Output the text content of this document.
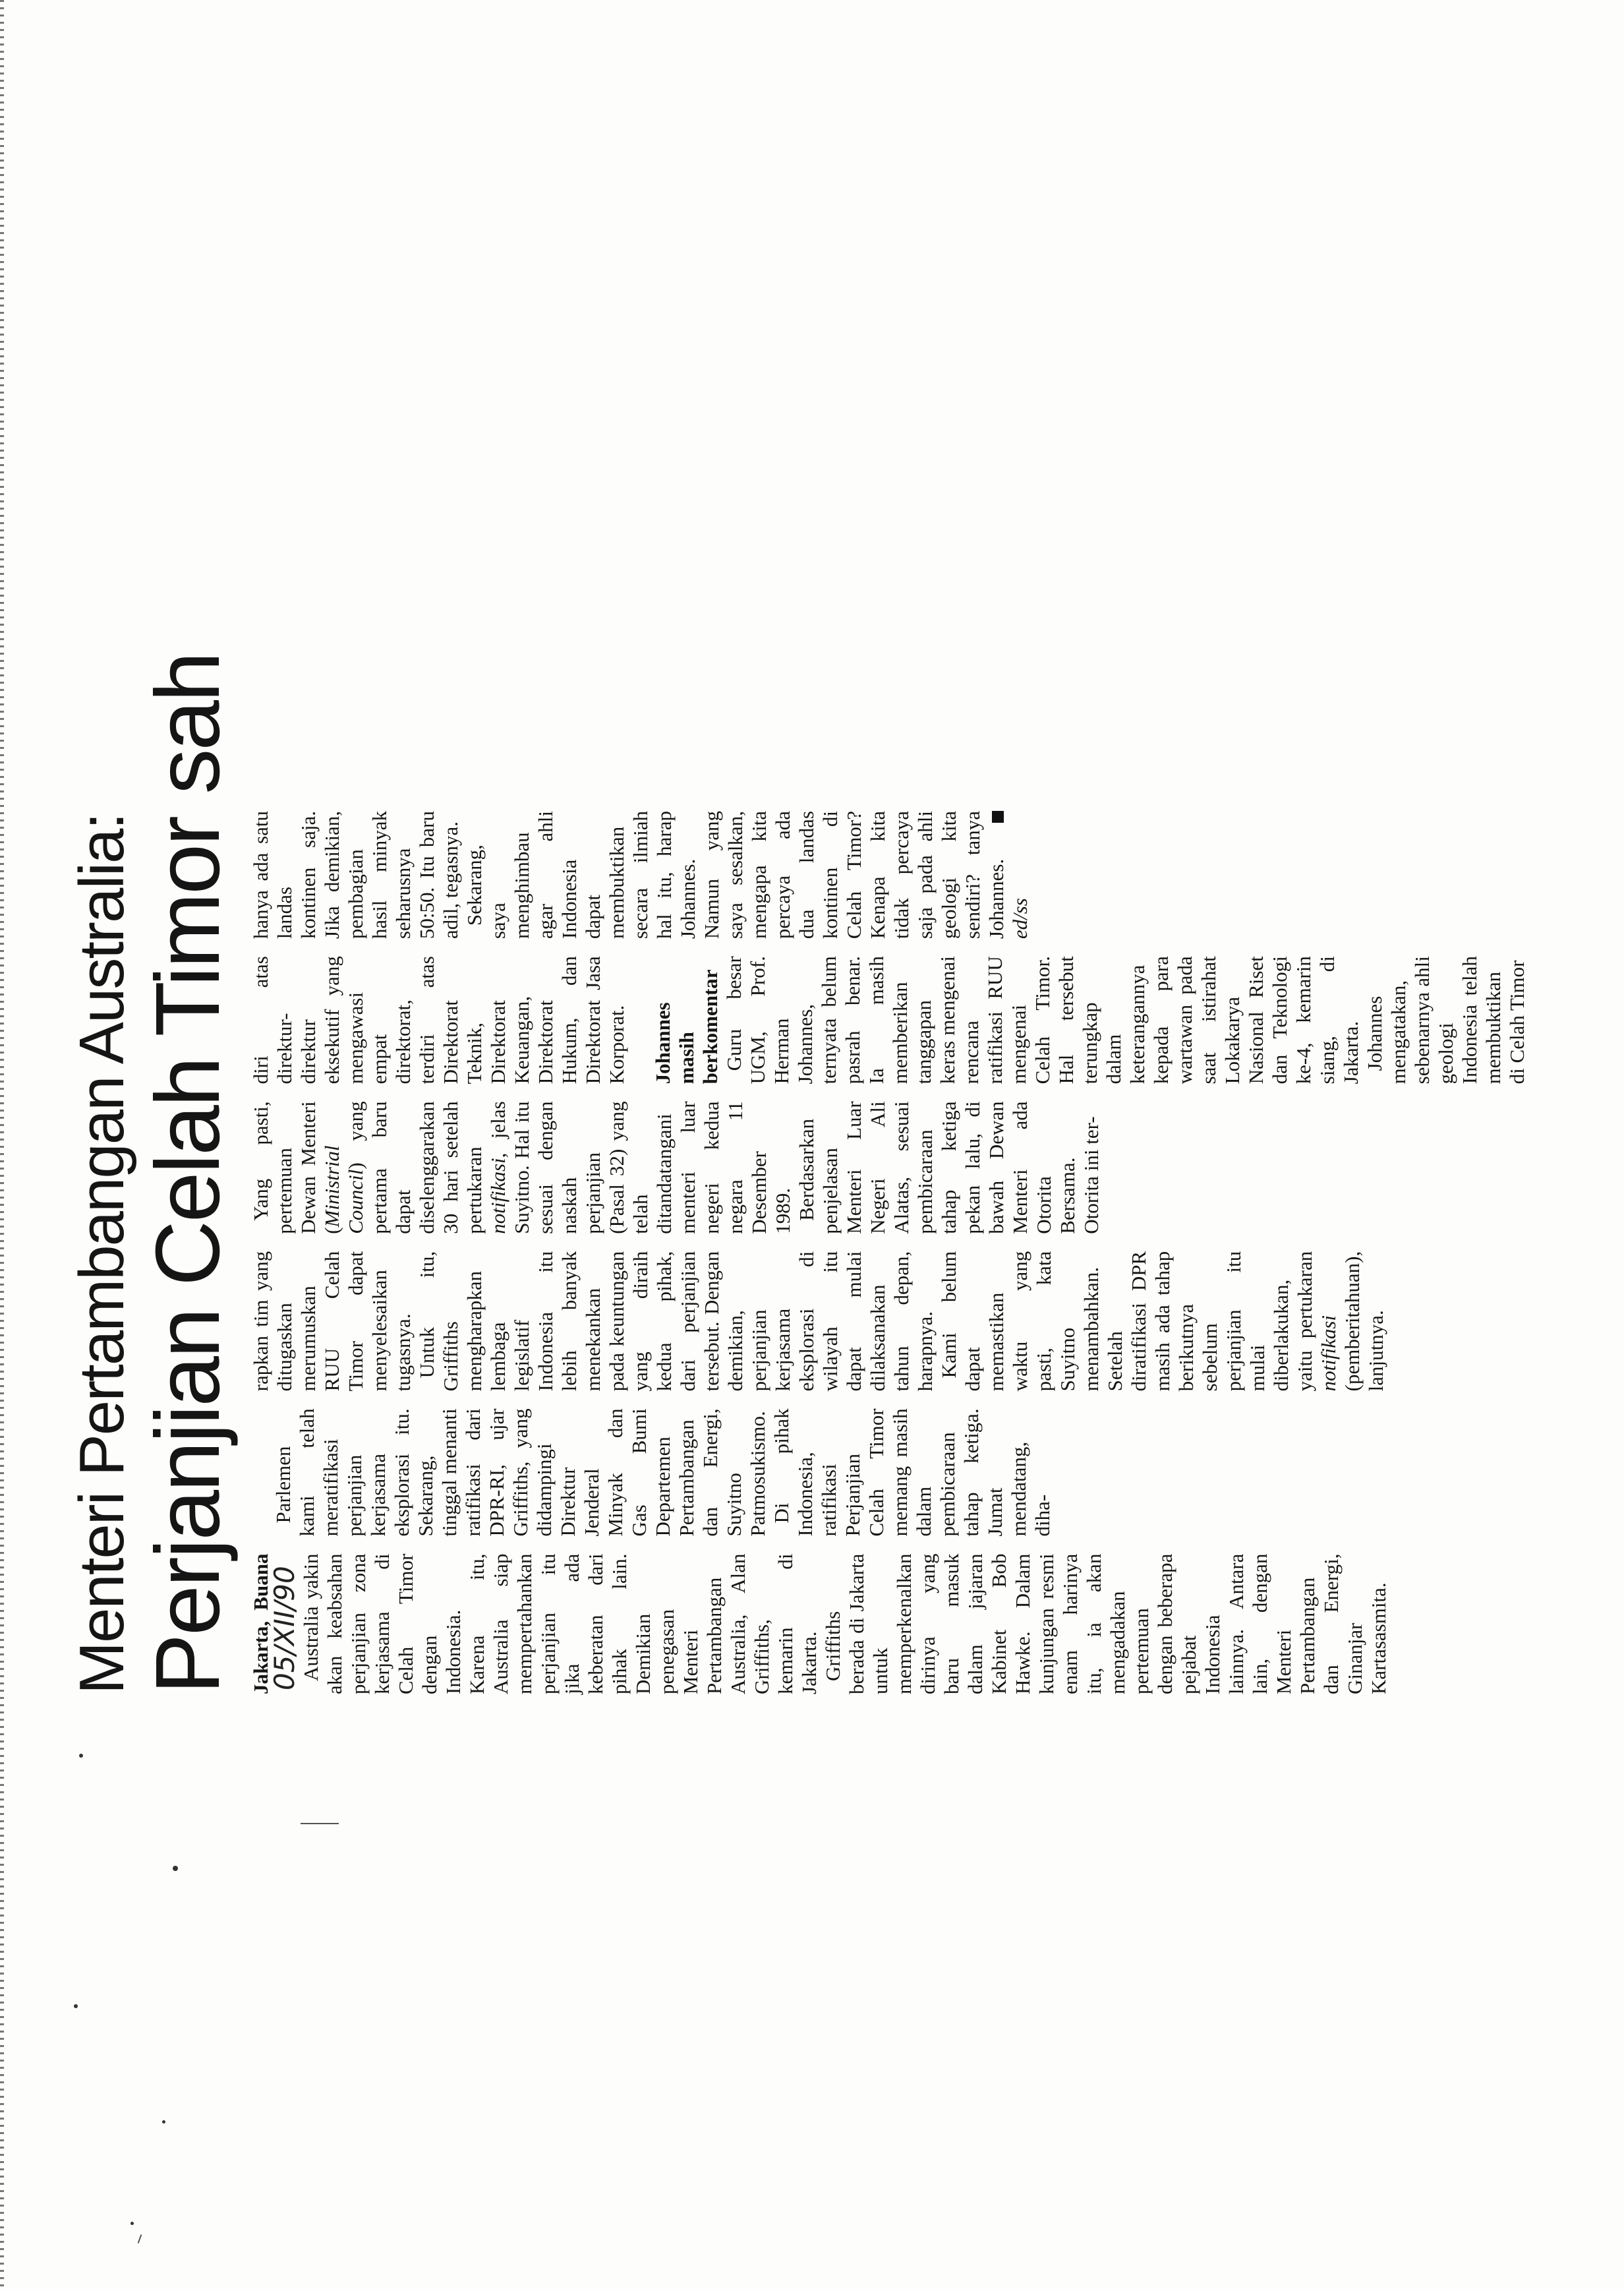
Menteri Pertambangan Australia: Perjanjian Celah Timor sah Jakarta, Buana 05/XII/90

Australia yakin akan keabsahan perjanjian zona kerjasama di Celah Timor dengan Indonesia. Karena itu, Australia siap mempertahankan perjanjian itu jika ada keberatan dari pihak lain. Demikian penegasan Menteri Pertambangan Australia, Alan Griffiths, kemarin di Jakarta. Griffiths berada di Jakarta untuk memperkenalkan dirinya yang baru masuk dalam jajaran Kabinet Bob Hawke. Dalam kunjungan resmi enam harinya itu, ia akan mengadakan pertemuan dengan beberapa pejabat Indonesia lainnya. Antara lain, dengan Menteri Pertambangan dan Energi, Ginanjar Kartasasmita.

Parlemen kami telah meratifikasi perjanjian kerjasama eksplorasi itu. Sekarang, tinggal menanti ratifikasi dari DPR-RI, ujar Griffiths, yang didampingi Direktur Jenderal Minyak dan Gas Bumi Departemen Pertambangan dan Energi, Suyitno Patmosukismo. Di pihak Indonesia, ratifikasi Perjanjian Celah Timor memang masih dalam pembicaraan tahap ketiga. Jumat mendatang, diha-

rapkan tim yang ditugaskan merumuskan RUU Celah Timor dapat menyelesaikan tugasnya. Untuk itu, Griffiths mengharapkan lembaga legislatif Indonesia itu lebih banyak menekankan pada keuntungan yang diraih kedua pihak, dari perjanjian tersebut. Dengan demikian, perjanjian kerjasama eksplorasi di wilayah itu dapat mulai dilaksanakan tahun depan, harapnya. Kami belum dapat memastikan waktu yang pasti, kata Suyitno menambahkan. Setelah diratifikasi DPR masih ada tahap berikutnya sebelum perjanjian itu mulai diberlakukan, yaitu pertukaran notifikasi (pemberitahuan), lanjutnya.

Yang pasti, pertemuan Dewan Menteri (Ministrial Council) yang pertama baru dapat diselenggarakan 30 hari setelah pertukaran notifikasi, jelas Suyitno. Hal itu sesuai dengan naskah perjanjian (Pasal 32) yang telah ditandatangani menteri luar negeri kedua negara 11 Desember 1989. Berdasarkan penjelasan Menteri Luar Negeri Ali Alatas, sesuai pembicaraan tahap ketiga pekan lalu, di bawah Dewan Menteri ada Otorita Bersama. Otorita ini ter-

diri atas direktur-direktur eksekutif yang mengawasi empat direktorat, terdiri atas Direktorat Teknik, Direktorat Keuangan, Direktorat Hukum, dan Direktorat Jasa Korporat. Johannes masih berkomentar Guru besar UGM, Prof. Herman Johannes, ternyata belum pasrah benar. Ia masih memberikan tanggapan keras mengenai rencana ratifikasi RUU mengenai Celah Timor. Hal tersebut terungkap dalam keterangannya kepada para wartawan pada saat istirahat Lokakarya Nasional Riset dan Teknologi ke-4, kemarin siang, di Jakarta. Johannes mengatakan, sebenarnya ahli geologi Indonesia telah membuktikan di Celah Timor

hanya ada satu landas kontinen saja. Jika demikian, pembagian hasil minyak seharusnya 50:50. Itu baru adil, tegasnya. Sekarang, saya menghimbau agar ahli Indonesia dapat membuktikan secara ilmiah hal itu, harap Johannes. Namun yang saya sesalkan, mengapa kita percaya ada dua landas kontinen di Celah Timor? Kenapa kita tidak percaya saja pada ahli geologi kita sendiri? tanya Johannes.  ed/ss
